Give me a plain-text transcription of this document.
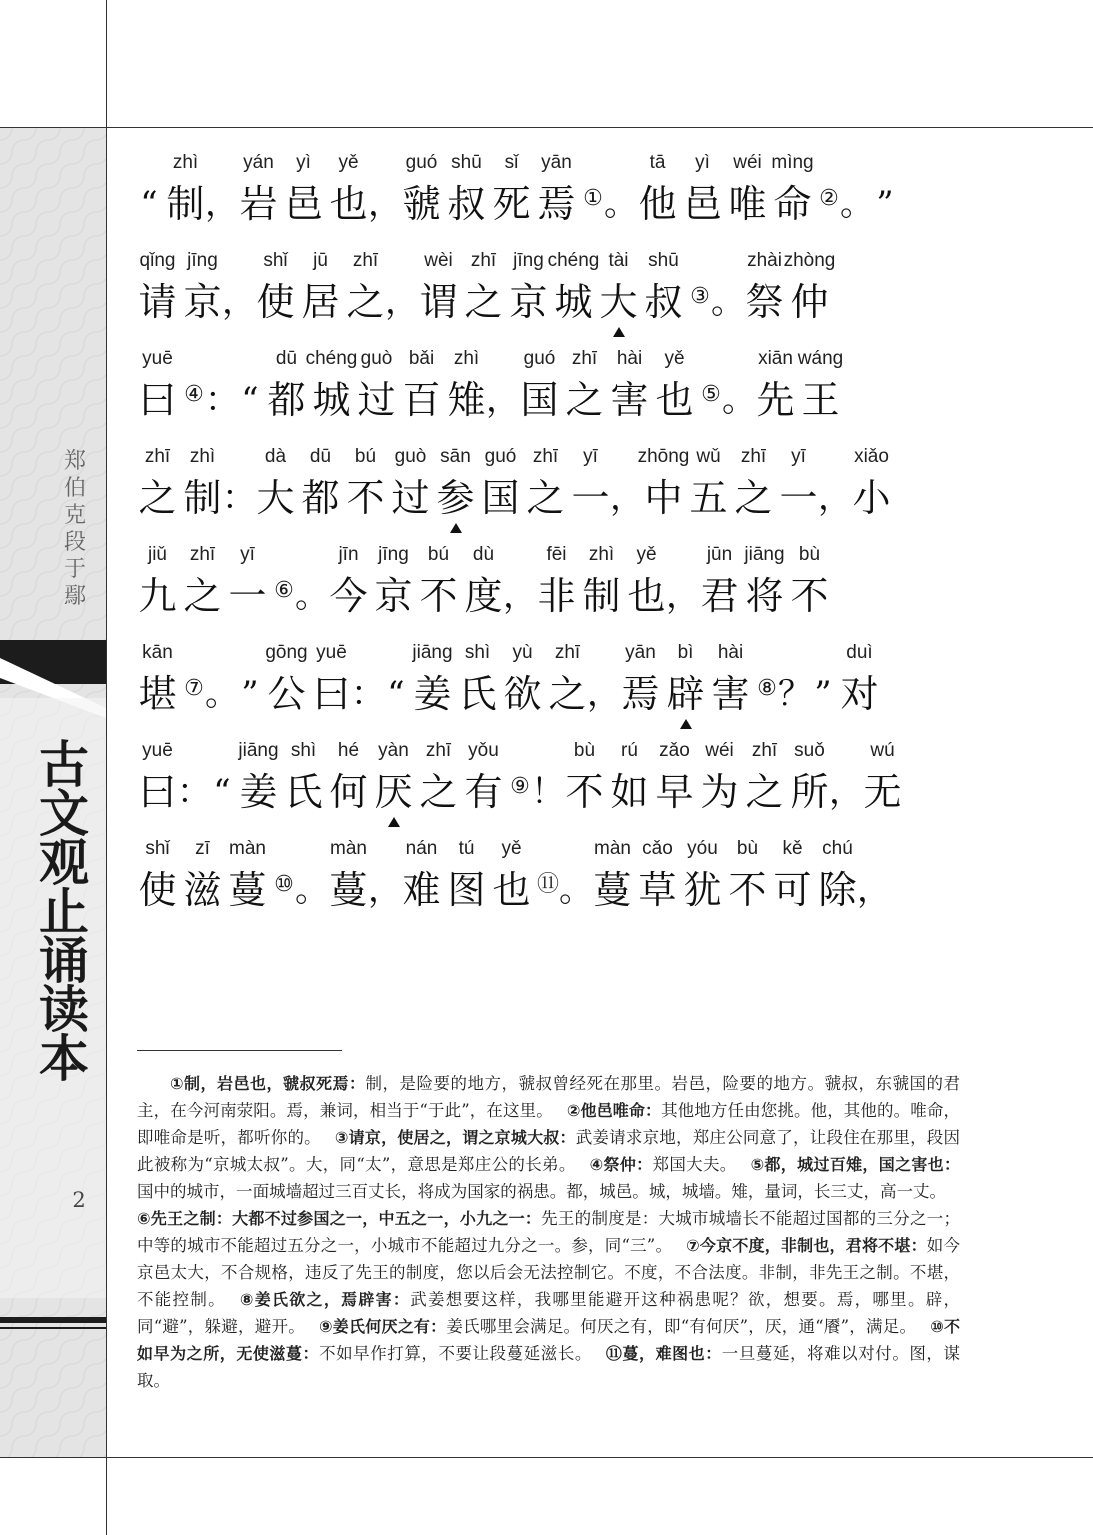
郑伯克段于鄢
古文观止诵读本
2
“
zhì
制 ，
yán
岩
yì
邑
yě
也 ，
guó
虢
shū
叔
sǐ
死
yān
焉 ① 。
tā
他
yì
邑
wéi
唯
mìng
命 ② 。 ”
qǐng
请
jīng
京 ，
shǐ
使
jū
居
zhī
之 ，
wèi
谓
zhī
之
jīng
京
chéng
城
tài
大
shū
叔 ③ 。
zhài
祭
zhòng
仲
yuē
曰 ④ ： “
dū
都
chéng
城
guò
过
bǎi
百
zhì
雉 ，
guó
国
zhī
之
hài
害
yě
也 ⑤ 。
xiān
先
wáng
王
zhī
之
zhì
制 ：
dà
大
dū
都
bú
不
guò
过
sān
参
guó
国
zhī
之
yī
一 ，
zhōng
中
wǔ
五
zhī
之
yī
一 ，
xiǎo
小
jiǔ
九
zhī
之
yī
一 ⑥ 。
jīn
今
jīng
京
bú
不
dù
度 ，
fēi
非
zhì
制
yě
也 ，
jūn
君
jiāng
将
bù
不
kān
堪 ⑦ 。 ”
gōng
公
yuē
曰 ： “
jiāng
姜
shì
氏
yù
欲
zhī
之 ，
yān
焉
bì
辟
hài
害 ⑧ ？ ”
duì
对
yuē
曰 ： “
jiāng
姜
shì
氏
hé
何
yàn
厌
zhī
之
yǒu
有 ⑨ ！
bù
不
rú
如
zǎo
早
wéi
为
zhī
之
suǒ
所 ，
wú
无
shǐ
使
zī
滋
màn
蔓 ⑩ 。
màn
蔓 ，
nán
难
tú
图
yě
也 ⑪ 。
màn
蔓
cǎo
草
yóu
犹
bù
不
kě
可
chú
除 ，
①制，岩邑也，虢叔死焉：制，是险要的地方，虢叔曾经死在那里。岩邑，险要的地方。虢叔，东虢国的君主，在今河南荥阳。焉，兼词，相当于“于此”，在这里。 ②他邑唯命：其他地方任由您挑。他，其他的。唯命，即唯命是听，都听你的。 ③请京，使居之，谓之京城大叔：武姜请求京地，郑庄公同意了，让段住在那里，段因此被称为“京城太叔”。大，同“太”，意思是郑庄公的长弟。 ④祭仲：郑国大夫。 ⑤都，城过百雉，国之害也：国中的城市，一面城墙超过三百丈长，将成为国家的祸患。都，城邑。城，城墙。雉，量词，长三丈，高一丈。⑥先王之制：大都不过参国之一，中五之一，小九之一：先王的制度是：大城市城墙长不能超过国都的三分之一；中等的城市不能超过五分之一，小城市不能超过九分之一。参，同“三”。 ⑦今京不度，非制也，君将不堪：如今京邑太大，不合规格，违反了先王的制度，您以后会无法控制它。不度，不合法度。非制，非先王之制。不堪，不能控制。 ⑧姜氏欲之，焉辟害：武姜想要这样，我哪里能避开这种祸患呢？欲，想要。焉，哪里。辟，同“避”，躲避，避开。 ⑨姜氏何厌之有：姜氏哪里会满足。何厌之有，即“有何厌”，厌，通“餍”，满足。 ⑩不如早为之所，无使滋蔓：不如早作打算，不要让段蔓延滋长。 ⑪蔓，难图也：一旦蔓延，将难以对付。图，谋取。
